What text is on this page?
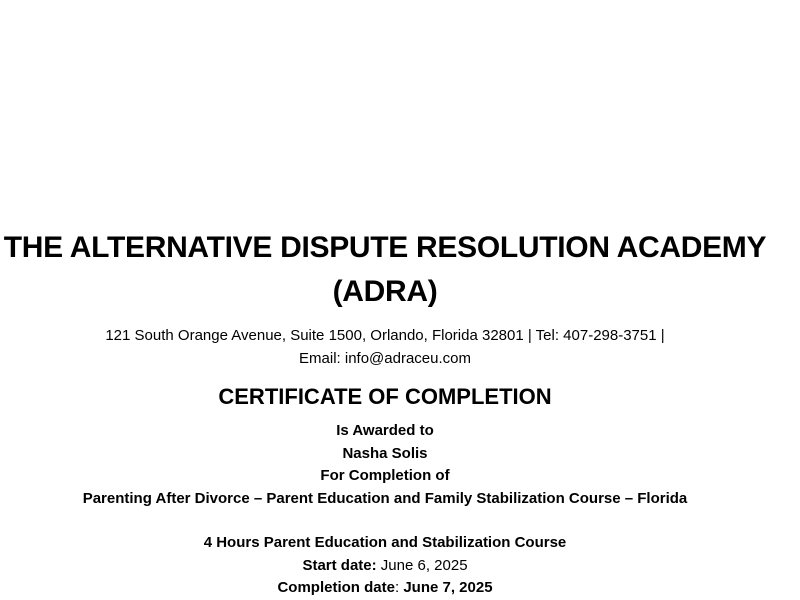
THE ALTERNATIVE DISPUTE RESOLUTION ACADEMY
(ADRA)
121 South Orange Avenue, Suite 1500, Orlando, Florida 32801 | Tel: 407-298-3751 |
Email: info@adraceu.com
CERTIFICATE OF COMPLETION
Is Awarded to
Nasha Solis
For Completion of
Parenting After Divorce – Parent Education and Family Stabilization Course – Florida
4 Hours Parent Education and Stabilization Course
Start date: June 6, 2025
Completion date: June 7, 2025
